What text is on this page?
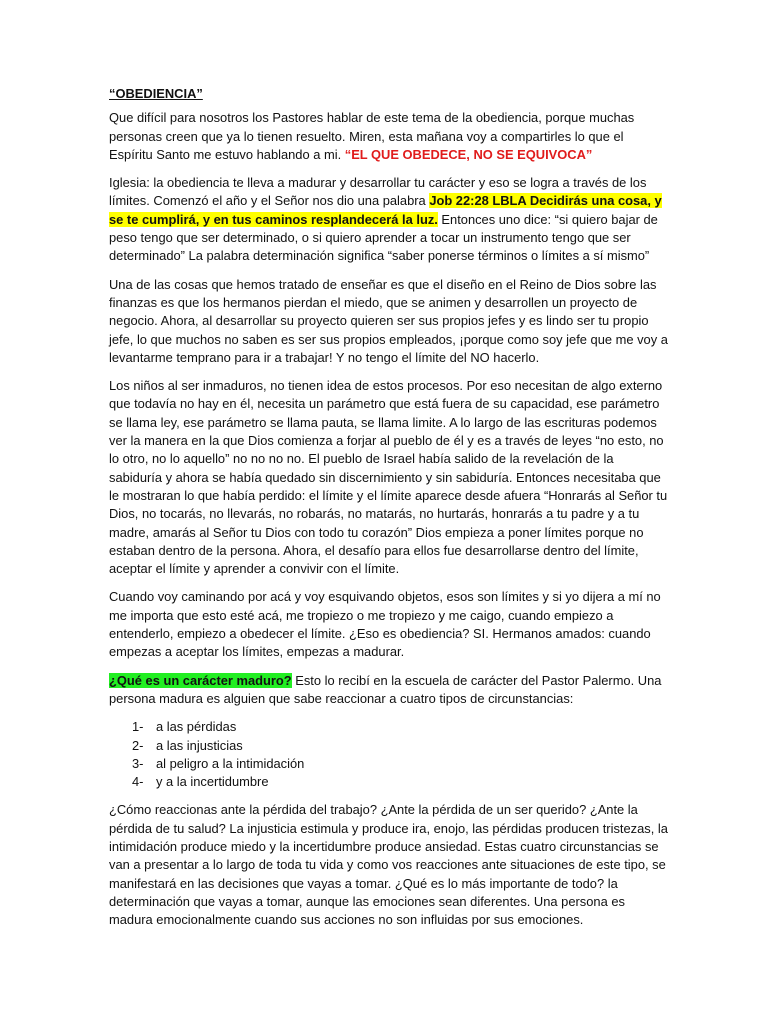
“OBEDIENCIA”

Que difícil para nosotros los Pastores hablar de este tema de la obediencia, porque muchas personas creen que ya lo tienen resuelto. Miren, esta mañana voy a compartirles lo que el Espíritu Santo me estuvo hablando a mi. “EL QUE OBEDECE, NO SE EQUIVOCA”

Iglesia: la obediencia te lleva a madurar y desarrollar tu carácter y eso se logra a través de los límites. Comenzó el año y el Señor nos dio una palabra Job 22:28 LBLA Decidirás una cosa, y se te cumplirá, y en tus caminos resplandecerá la luz. Entonces uno dice: “si quiero bajar de peso tengo que ser determinado, o si quiero aprender a tocar un instrumento tengo que ser determinado” La palabra determinación significa “saber ponerse términos o límites a sí mismo”

Una de las cosas que hemos tratado de enseñar es que el diseño en el Reino de Dios sobre las finanzas es que los hermanos pierdan el miedo, que se animen y desarrollen un proyecto de negocio. Ahora, al desarrollar su proyecto quieren ser sus propios jefes y es lindo ser tu propio jefe, lo que muchos no saben es ser sus propios empleados, ¡porque como soy jefe que me voy a levantarme temprano para ir a trabajar! Y no tengo el límite del NO hacerlo.

Los niños al ser inmaduros, no tienen idea de estos procesos. Por eso necesitan de algo externo que todavía no hay en él, necesita un parámetro que está fuera de su capacidad, ese parámetro se llama ley, ese parámetro se llama pauta, se llama limite. A lo largo de las escrituras podemos ver la manera en la que Dios comienza a forjar al pueblo de él y es a través de leyes “no esto, no lo otro, no lo aquello” no no no no. El pueblo de Israel había salido de la revelación de la sabiduría y ahora se había quedado sin discernimiento y sin sabiduría. Entonces necesitaba que le mostraran lo que había perdido: el límite y el límite aparece desde afuera “Honrarás al Señor tu Dios, no tocarás, no llevarás, no robarás, no matarás, no hurtarás, honrarás a tu padre y a tu madre, amarás al Señor tu Dios con todo tu corazón” Dios empieza a poner límites porque no estaban dentro de la persona. Ahora, el desafío para ellos fue desarrollarse dentro del límite, aceptar el límite y aprender a convivir con el límite.

Cuando voy caminando por acá y voy esquivando objetos, esos son límites y si yo dijera a mí no me importa que esto esté acá, me tropiezo o me tropiezo y me caigo, cuando empiezo a entenderlo, empiezo a obedecer el límite. ¿Eso es obediencia? SI. Hermanos amados: cuando empezas a aceptar los límites, empezas a madurar.

¿Qué es un carácter maduro? Esto lo recibí en la escuela de carácter del Pastor Palermo. Una persona madura es alguien que sabe reaccionar a cuatro tipos de circunstancias:

1- a las pérdidas
2- a las injusticias
3- al peligro a la intimidación
4- y a la incertidumbre

¿Cómo reaccionas ante la pérdida del trabajo? ¿Ante la pérdida de un ser querido? ¿Ante la pérdida de tu salud? La injusticia estimula y produce ira, enojo, las pérdidas producen tristezas, la intimidación produce miedo y la incertidumbre produce ansiedad. Estas cuatro circunstancias se van a presentar a lo largo de toda tu vida y como vos reacciones ante situaciones de este tipo, se manifestará en las decisiones que vayas a tomar. ¿Qué es lo más importante de todo? la determinación que vayas a tomar, aunque las emociones sean diferentes. Una persona es madura emocionalmente cuando sus acciones no son influidas por sus emociones.
